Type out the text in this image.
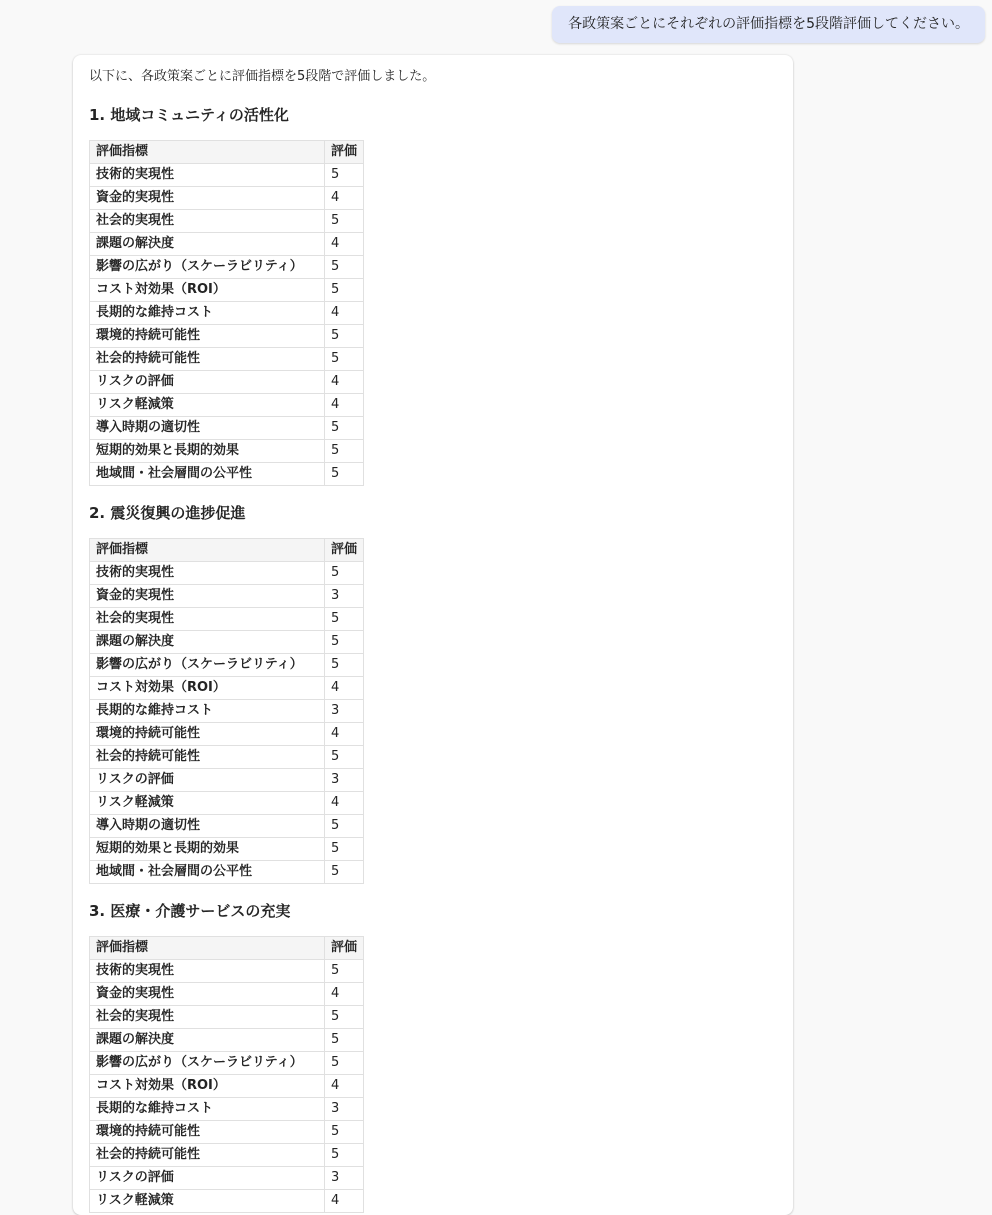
各政策案ごとにそれぞれの評価指標を5段階評価してください。

以下に、各政策案ごとに評価指標を5段階で評価しました。

1. 地域コミュニティの活性化
評価指標	評価
技術的実現性	5
資金的実現性	4
社会的実現性	5
課題の解決度	4
影響の広がり（スケーラビリティ）	5
コスト対効果（ROI）	5
長期的な維持コスト	4
環境的持続可能性	5
社会的持続可能性	5
リスクの評価	4
リスク軽減策	4
導入時期の適切性	5
短期的効果と長期的効果	5
地域間・社会層間の公平性	5
2. 震災復興の進捗促進
評価指標	評価
技術的実現性	5
資金的実現性	3
社会的実現性	5
課題の解決度	5
影響の広がり（スケーラビリティ）	5
コスト対効果（ROI）	4
長期的な維持コスト	3
環境的持続可能性	4
社会的持続可能性	5
リスクの評価	3
リスク軽減策	4
導入時期の適切性	5
短期的効果と長期的効果	5
地域間・社会層間の公平性	5
3. 医療・介護サービスの充実
評価指標	評価
技術的実現性	5
資金的実現性	4
社会的実現性	5
課題の解決度	5
影響の広がり（スケーラビリティ）	5
コスト対効果（ROI）	4
長期的な維持コスト	3
環境的持続可能性	5
社会的持続可能性	5
リスクの評価	3
リスク軽減策	4
